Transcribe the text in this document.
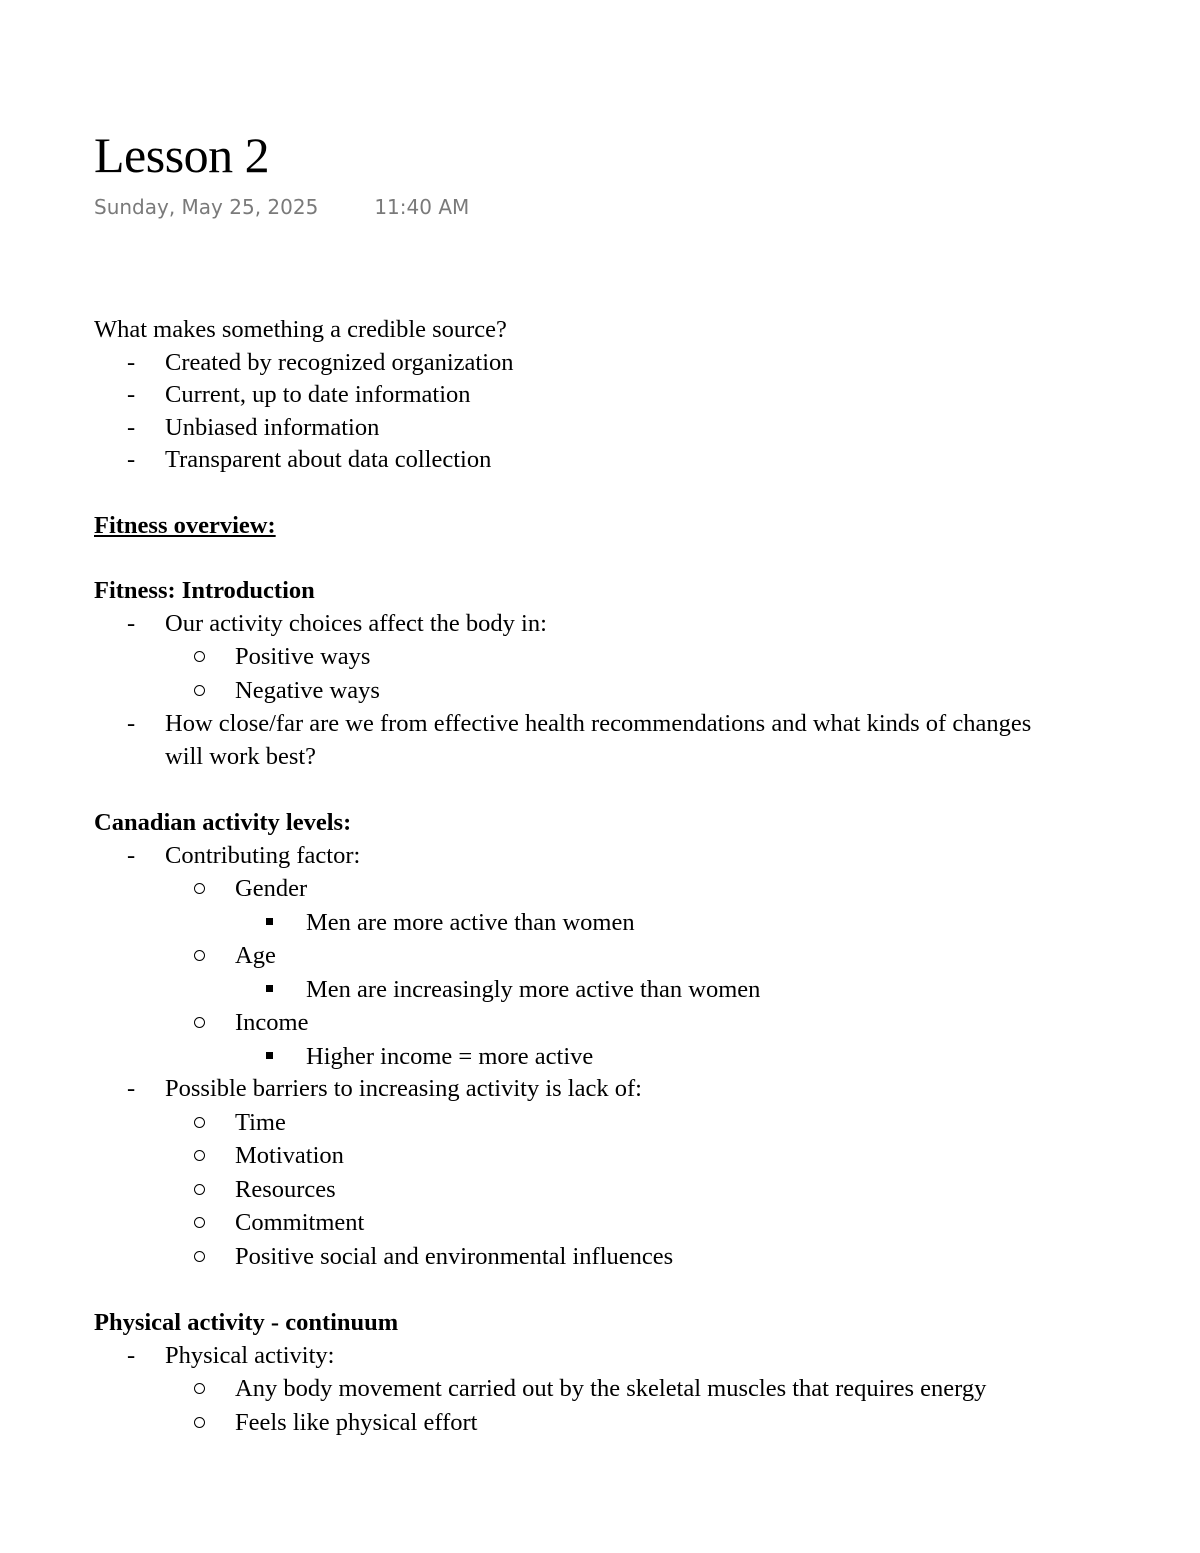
Lesson 2
Sunday, May 25, 2025	11:40 AM
What makes something a credible source?
- Created by recognized organization
- Current, up to date information
- Unbiased information
- Transparent about data collection
Fitness overview:
Fitness: Introduction
- Our activity choices affect the body in:
Positive ways
Negative ways
- How close/far are we from effective health recommendations and what kinds of changes
will work best?
Canadian activity levels:
- Contributing factor:
Gender
Men are more active than women
Age
Men are increasingly more active than women
Income
Higher income = more active
- Possible barriers to increasing activity is lack of:
Time
Motivation
Resources
Commitment
Positive social and environmental influences
Physical activity - continuum
- Physical activity:
Any body movement carried out by the skeletal muscles that requires energy
Feels like physical effort
